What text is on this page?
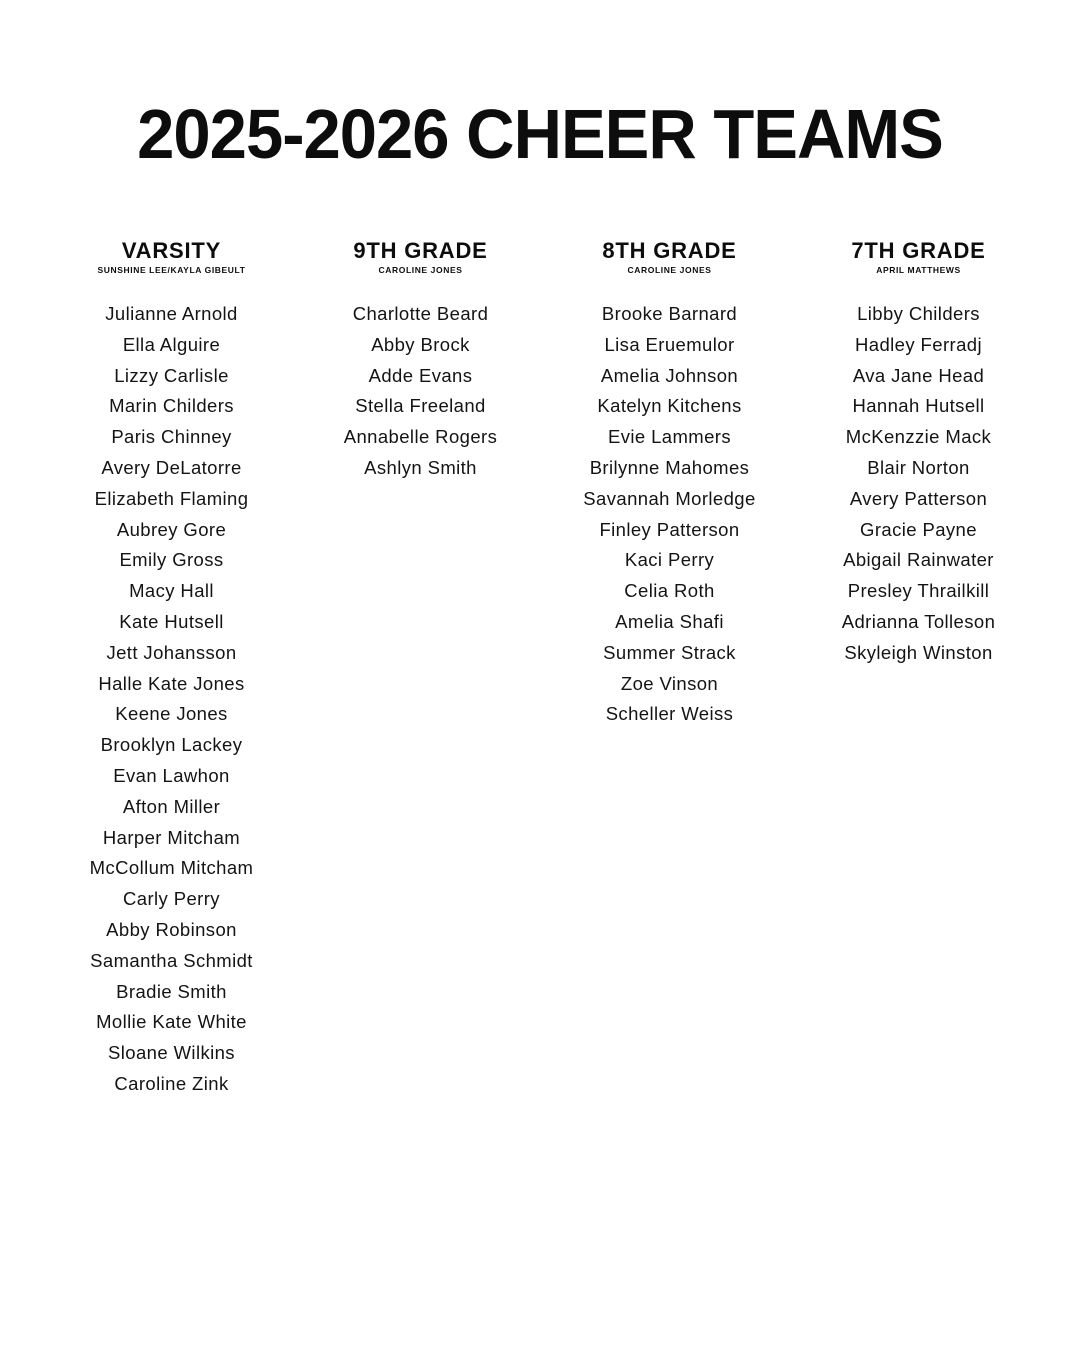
2025-2026 CHEER TEAMS
VARSITY
SUNSHINE LEE/KAYLA GIBEULT
Julianne Arnold
Ella Alguire
Lizzy Carlisle
Marin Childers
Paris Chinney
Avery DeLatorre
Elizabeth Flaming
Aubrey Gore
Emily Gross
Macy Hall
Kate Hutsell
Jett Johansson
Halle Kate Jones
Keene Jones
Brooklyn Lackey
Evan Lawhon
Afton Miller
Harper Mitcham
McCollum Mitcham
Carly Perry
Abby Robinson
Samantha Schmidt
Bradie Smith
Mollie Kate White
Sloane Wilkins
Caroline Zink
9TH GRADE
CAROLINE JONES
Charlotte Beard
Abby Brock
Adde Evans
Stella Freeland
Annabelle Rogers
Ashlyn Smith
8TH GRADE
CAROLINE JONES
Brooke Barnard
Lisa Eruemulor
Amelia Johnson
Katelyn Kitchens
Evie Lammers
Brilynne Mahomes
Savannah Morledge
Finley Patterson
Kaci Perry
Celia Roth
Amelia Shafi
Summer Strack
Zoe Vinson
Scheller Weiss
7TH GRADE
APRIL MATTHEWS
Libby Childers
Hadley Ferradj
Ava Jane Head
Hannah Hutsell
McKenzzie Mack
Blair Norton
Avery Patterson
Gracie Payne
Abigail Rainwater
Presley Thrailkill
Adrianna Tolleson
Skyleigh Winston
